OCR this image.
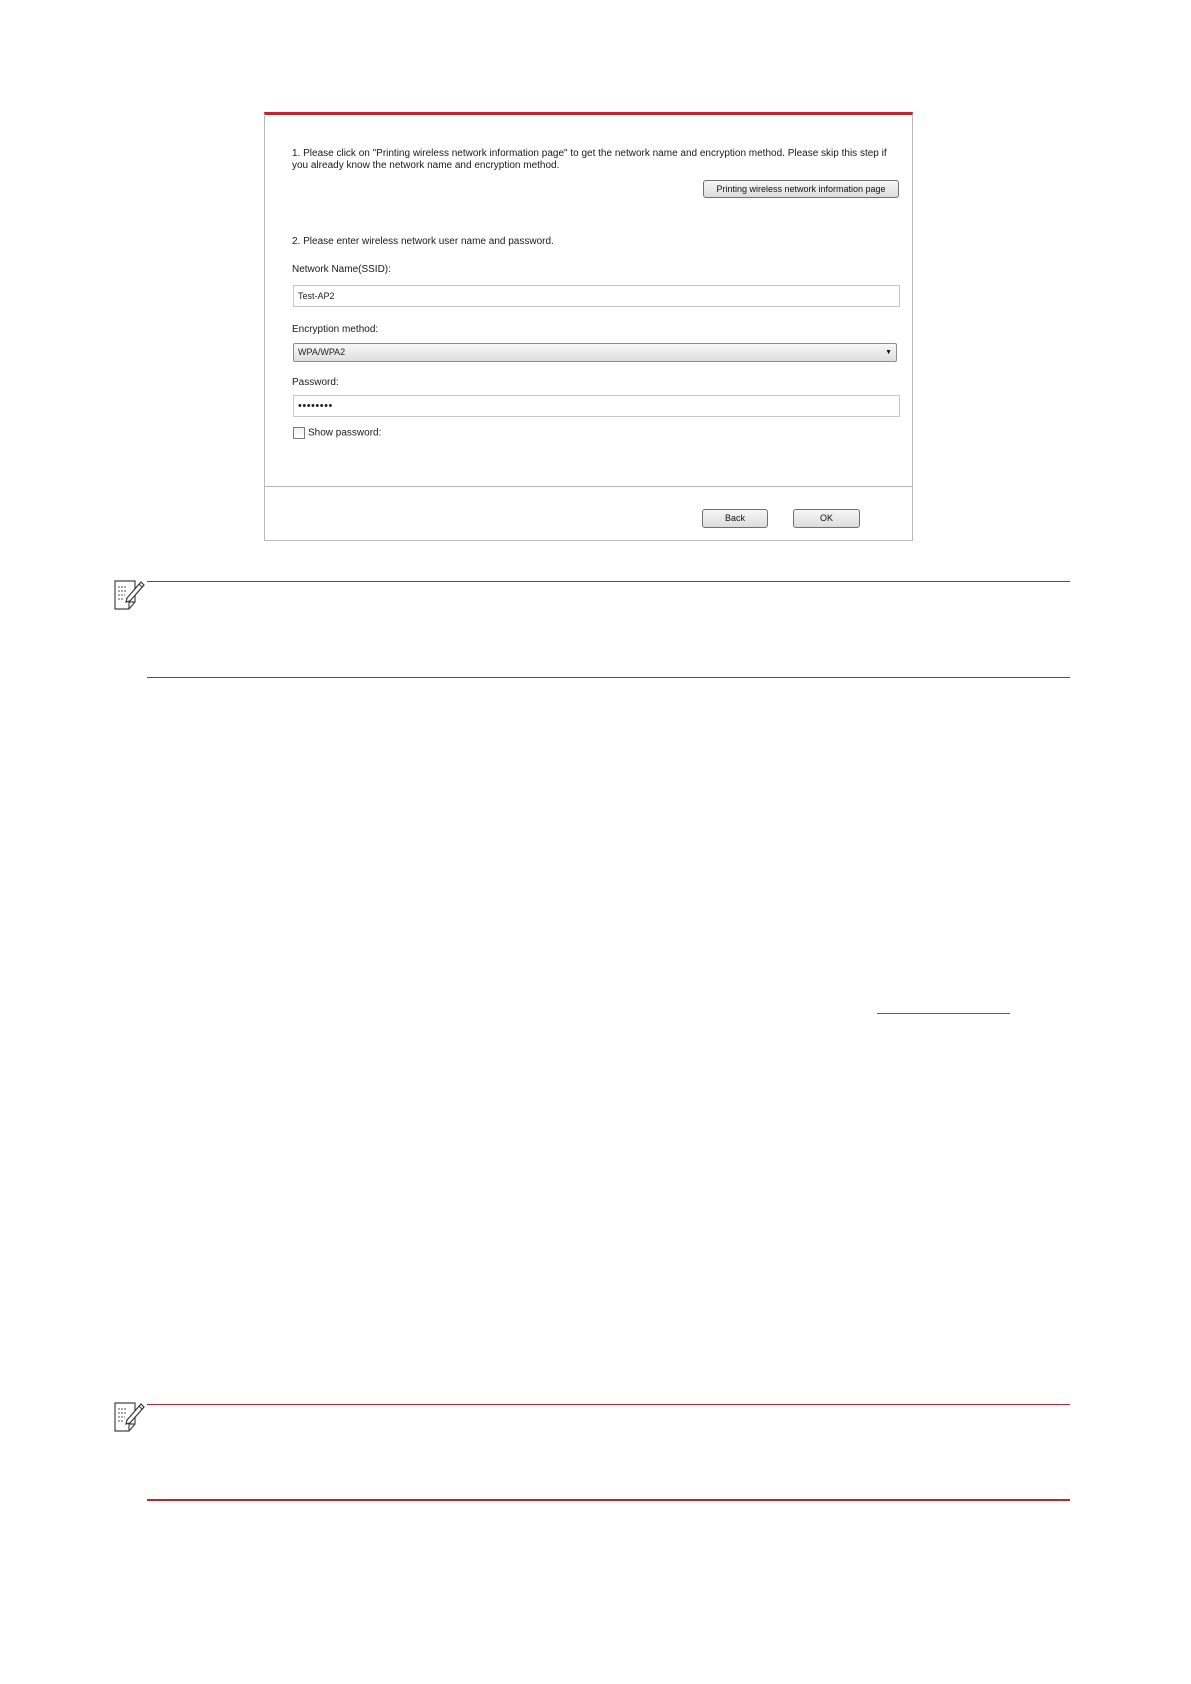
1. Please click on "Printing wireless network information page" to get the network name and encryption method. Please skip this step if you already know the network name and encryption method.
Printing wireless network information page
2. Please enter wireless network user name and password.
Network Name(SSID):
Test-AP2
Encryption method:
WPA/WPA2	▼
Password:
••••••••
Show password:
Back	OK
